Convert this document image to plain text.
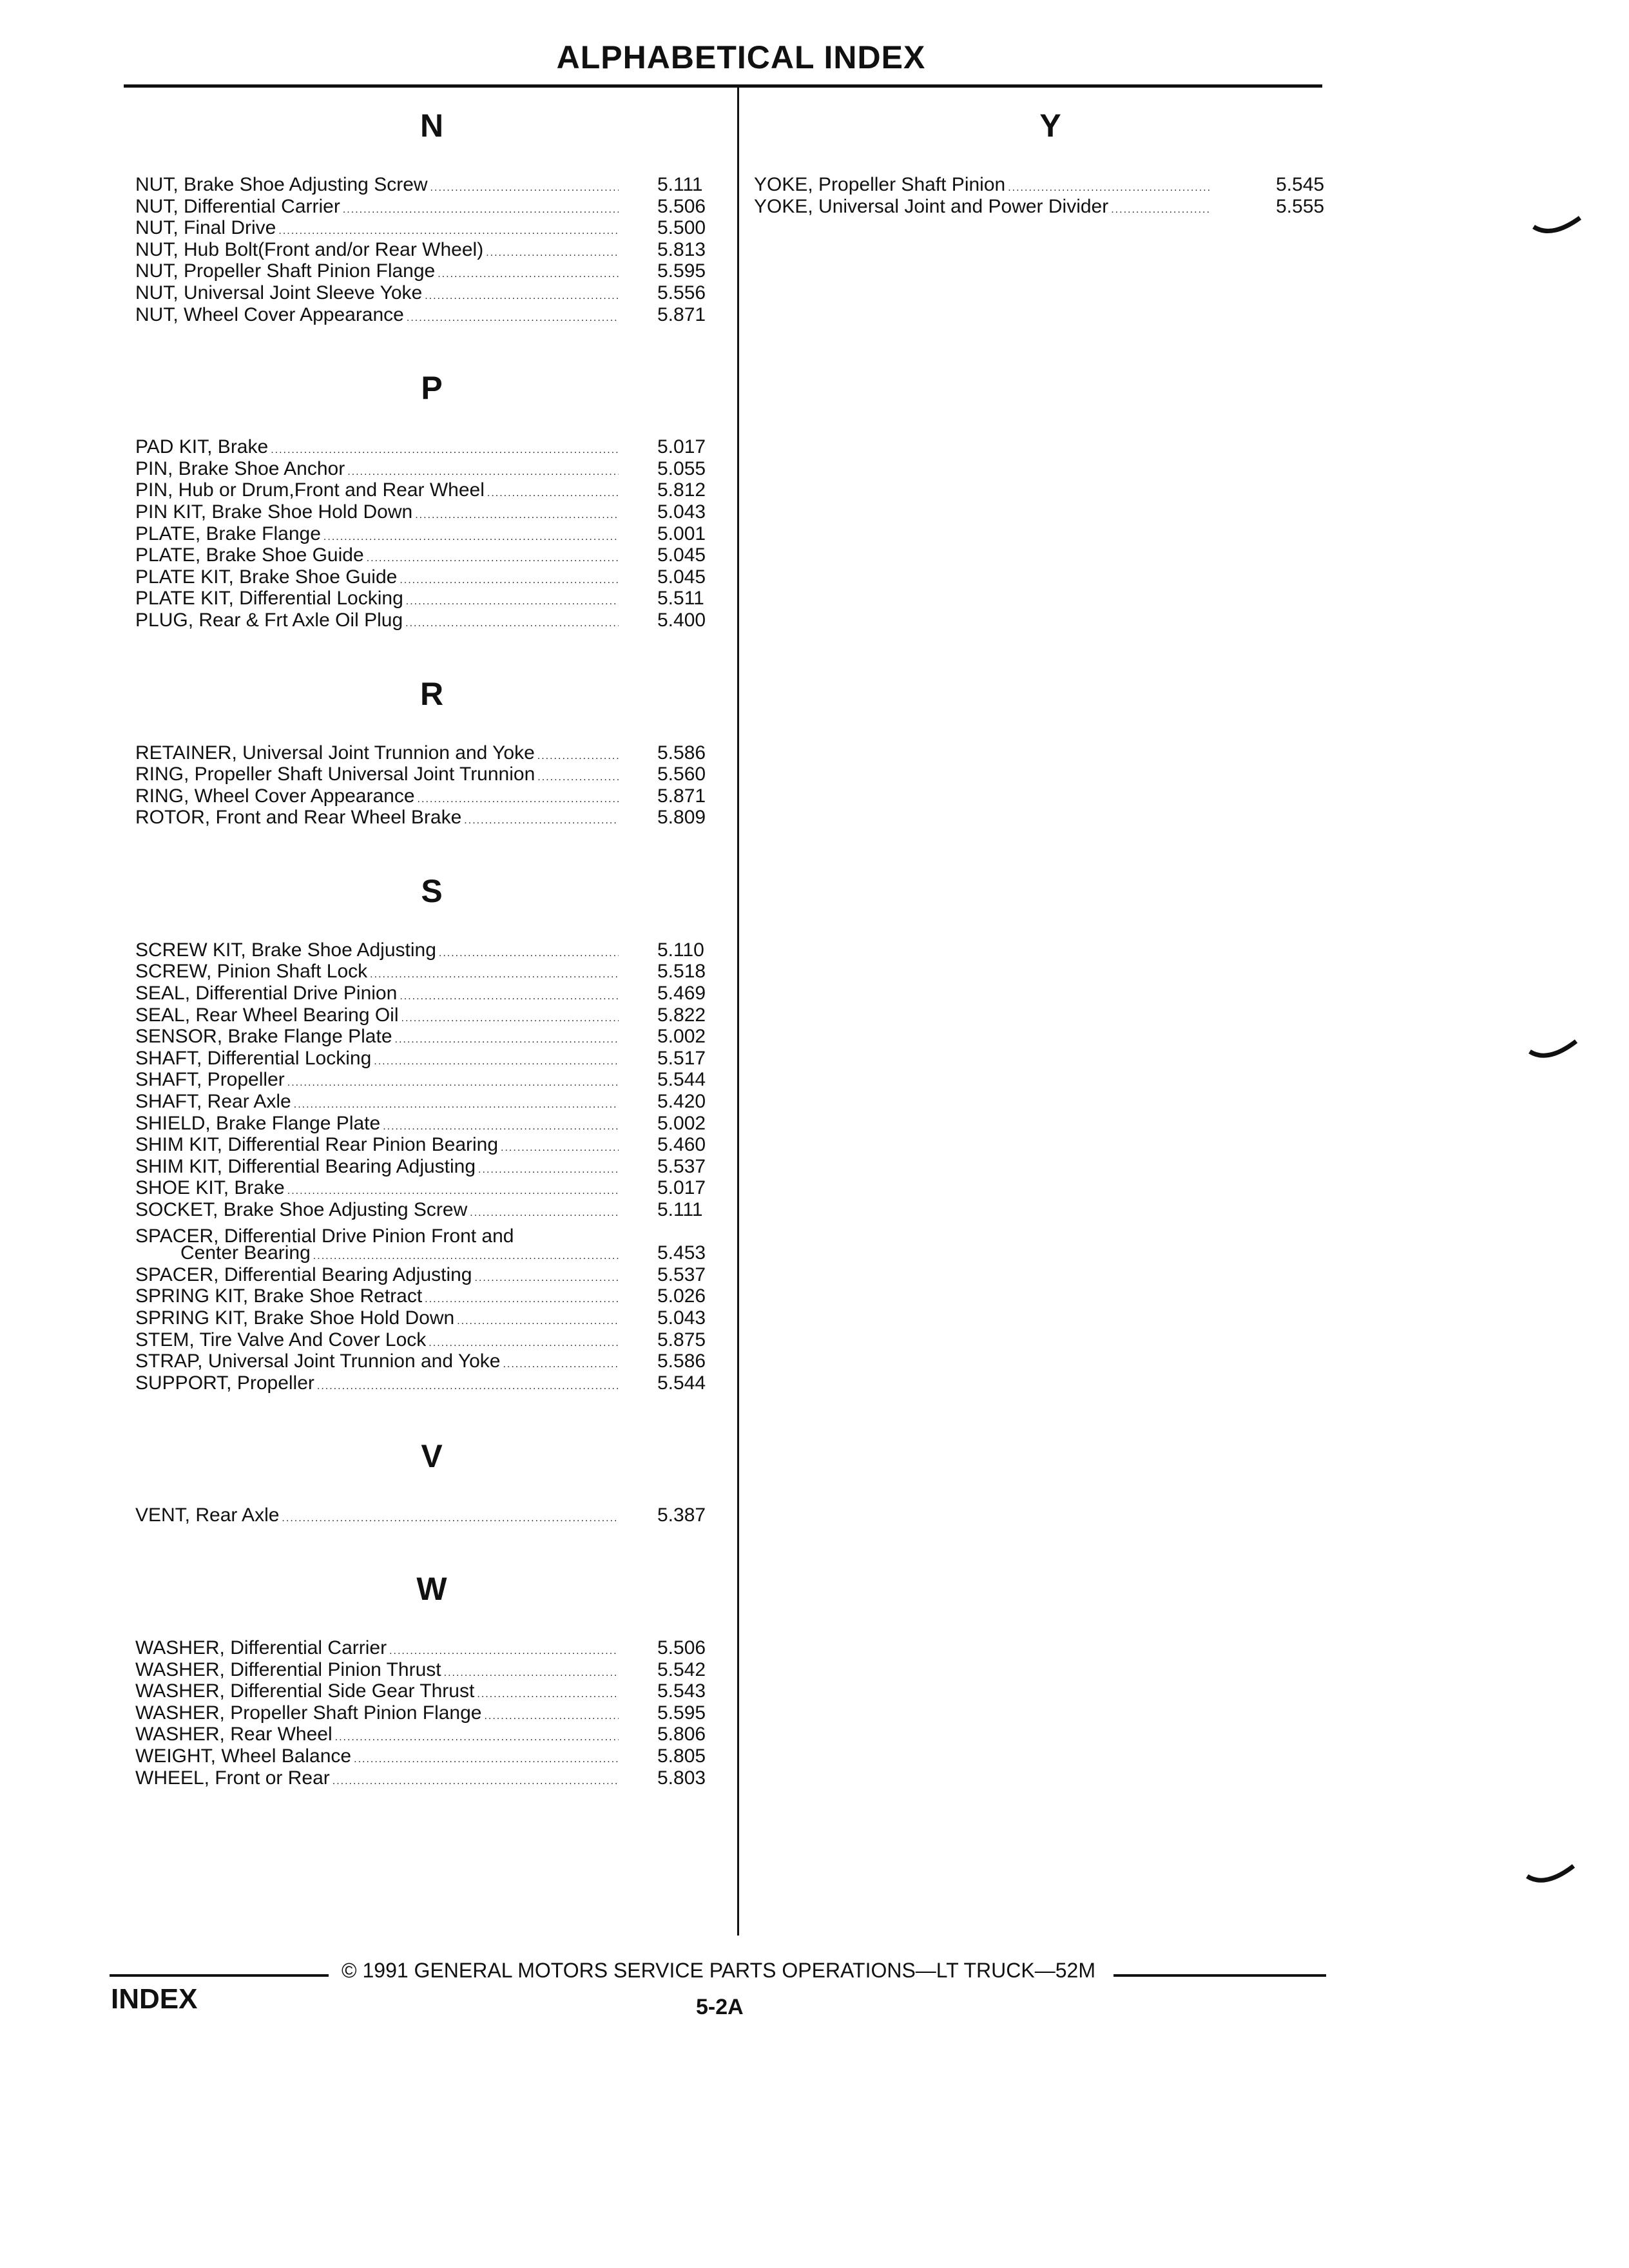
ALPHABETICAL INDEX
N
NUT, Brake Shoe Adjusting Screw .....	5.111
NUT, Differential Carrier .....	5.506
NUT, Final Drive .....	5.500
NUT, Hub Bolt(Front and/or Rear Wheel) .....	5.813
NUT, Propeller Shaft Pinion Flange .....	5.595
NUT, Universal Joint Sleeve Yoke .....	5.556
NUT, Wheel Cover Appearance .....	5.871
P
PAD KIT, Brake .....	5.017
PIN, Brake Shoe Anchor .....	5.055
PIN, Hub or Drum,Front and Rear Wheel .....	5.812
PIN KIT, Brake Shoe Hold Down .....	5.043
PLATE, Brake Flange .....	5.001
PLATE, Brake Shoe Guide .....	5.045
PLATE KIT, Brake Shoe Guide .....	5.045
PLATE KIT, Differential Locking .....	5.511
PLUG, Rear & Frt Axle Oil Plug .....	5.400
R
RETAINER, Universal Joint Trunnion and Yoke .....	5.586
RING, Propeller Shaft Universal Joint Trunnion .....	5.560
RING, Wheel Cover Appearance .....	5.871
ROTOR, Front and Rear Wheel Brake .....	5.809
S
SCREW KIT, Brake Shoe Adjusting .....	5.110
SCREW, Pinion Shaft Lock .....	5.518
SEAL, Differential Drive Pinion .....	5.469
SEAL, Rear Wheel Bearing Oil .....	5.822
SENSOR, Brake Flange Plate .....	5.002
SHAFT, Differential Locking .....	5.517
SHAFT, Propeller .....	5.544
SHAFT, Rear Axle .....	5.420
SHIELD, Brake Flange Plate .....	5.002
SHIM KIT, Differential Rear Pinion Bearing .....	5.460
SHIM KIT, Differential Bearing Adjusting .....	5.537
SHOE KIT, Brake .....	5.017
SOCKET, Brake Shoe Adjusting Screw .....	5.111
SPACER, Differential Drive Pinion Front and
Center Bearing .....	5.453
SPACER, Differential Bearing Adjusting .....	5.537
SPRING KIT, Brake Shoe Retract .....	5.026
SPRING KIT, Brake Shoe Hold Down .....	5.043
STEM, Tire Valve And Cover Lock .....	5.875
STRAP, Universal Joint Trunnion and Yoke .....	5.586
SUPPORT, Propeller .....	5.544
V
VENT, Rear Axle .....	5.387
W
WASHER, Differential Carrier .....	5.506
WASHER, Differential Pinion Thrust .....	5.542
WASHER, Differential Side Gear Thrust .....	5.543
WASHER, Propeller Shaft Pinion Flange .....	5.595
WASHER, Rear Wheel .....	5.806
WEIGHT, Wheel Balance .....	5.805
WHEEL, Front or Rear .....	5.803
Y
YOKE, Propeller Shaft Pinion .....	5.545
YOKE, Universal Joint and Power Divider .....	5.555
© 1991 GENERAL MOTORS SERVICE PARTS OPERATIONS—LT TRUCK—52M
INDEX	5-2A
